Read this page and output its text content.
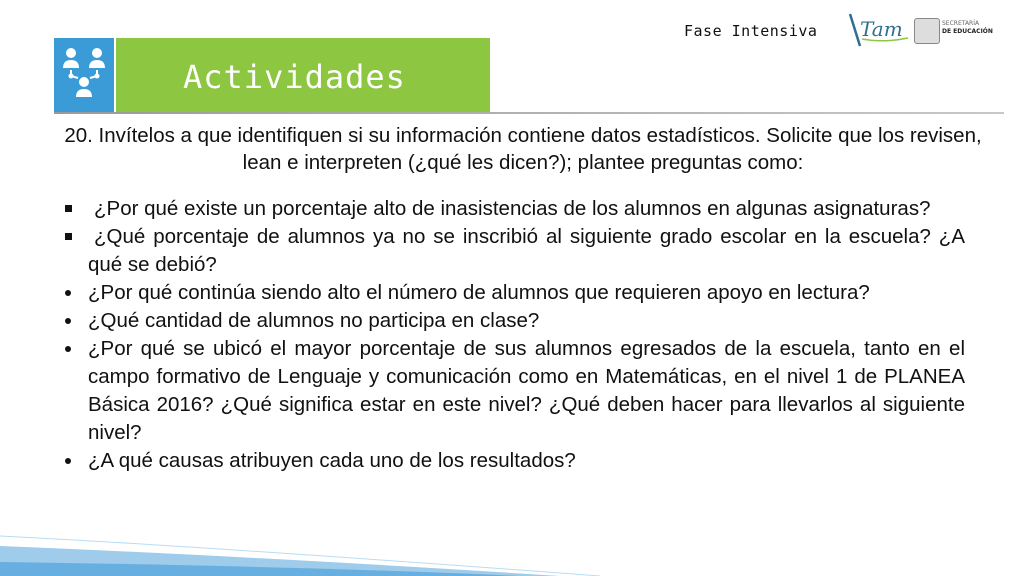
Fase Intensiva Tam	SECRETARÍA
DE EDUCACIÓN
Actividades
20. Invítelos a que identifiquen si su información contiene datos estadísticos. Solicite que los revisen, lean e interpreten (¿qué les dicen?); plantee preguntas como:
¿Por qué existe un porcentaje alto de inasistencias de los alumnos en algunas asignaturas?
¿Qué porcentaje de alumnos ya no se inscribió al siguiente grado escolar en la escuela? ¿A qué se debió?
¿Por qué continúa siendo alto el número de alumnos que requieren apoyo en lectura?
¿Qué cantidad de alumnos no participa en clase?
¿Por qué se ubicó el mayor porcentaje de sus alumnos egresados de la escuela, tanto en el campo formativo de Lenguaje y comunicación como en Matemáticas, en el nivel 1 de PLANEA Básica 2016? ¿Qué significa estar en este nivel? ¿Qué deben hacer para llevarlos al siguiente nivel?
¿A qué causas atribuyen cada uno de los resultados?
